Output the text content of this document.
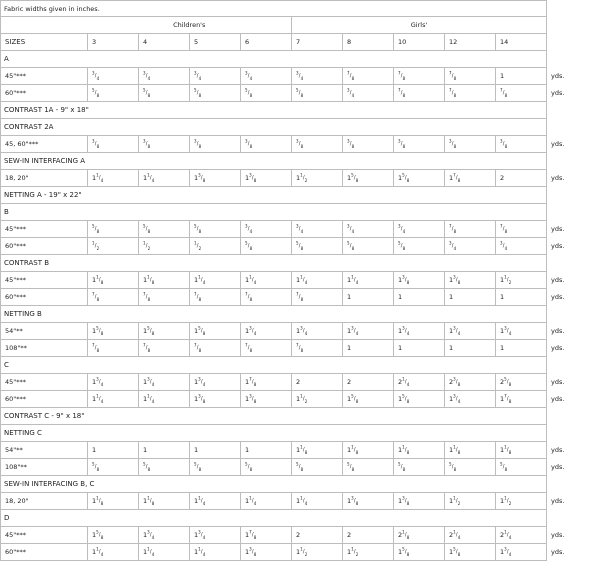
Fabric widths given in inches.										
	Children's				Girls'					
SIZES	3	4	5	6	7	8	10	12	14	
A										
45"***	$^3/_4$	$^3/_4$	$^3/_4$	$^3/_4$	$^3/_4$	$^7/_8$	$^7/_8$	$^7/_8$	1	yds.
60"***	$^5/_8$	$^5/_8$	$^5/_8$	$^5/_8$	$^5/_8$	$^3/_4$	$^7/_8$	$^7/_8$	$^7/_8$	yds.
CONTRAST 1A - 9" x 18"										
CONTRAST 2A										
45, 60"***	$^3/_8$	$^3/_8$	$^3/_8$	$^3/_8$	$^3/_8$	$^3/_8$	$^3/_8$	$^3/_8$	$^3/_8$	yds.
SEW-IN INTERFACING A										
18, 20"	$1^1/_4$	$1^1/_4$	$1^3/_8$	$1^3/_8$	$1^1/_2$	$1^5/_8$	$1^5/_8$	$1^7/_8$	2	yds.
NETTING A - 19" x 22"										
B										
45"***	$^5/_8$	$^5/_8$	$^5/_8$	$^3/_4$	$^3/_4$	$^3/_4$	$^3/_4$	$^7/_8$	$^7/_8$	yds.
60"***	$^1/_2$	$^1/_2$	$^1/_2$	$^5/_8$	$^5/_8$	$^5/_8$	$^5/_8$	$^3/_4$	$^3/_4$	yds.
CONTRAST B										
45"***	$1^1/_8$	$1^1/_8$	$1^1/_4$	$1^1/_4$	$1^1/_4$	$1^1/_4$	$1^3/_8$	$1^3/_8$	$1^1/_2$	yds.
60"***	$^7/_8$	$^7/_8$	$^7/_8$	$^7/_8$	$^7/_8$	1	1	1	1	yds.
NETTING B										
54"**	$1^5/_8$	$1^5/_8$	$1^5/_8$	$1^3/_4$	$1^3/_4$	$1^3/_4$	$1^3/_4$	$1^3/_4$	$1^3/_4$	yds.
108"**	$^7/_8$	$^7/_8$	$^7/_8$	$^7/_8$	$^7/_8$	1	1	1	1	yds.
C										
45"***	$1^3/_4$	$1^3/_4$	$1^3/_4$	$1^7/_8$	2	2	$2^1/_4$	$2^3/_8$	$2^5/_8$	yds.
60"***	$1^1/_4$	$1^1/_4$	$1^3/_8$	$1^3/_8$	$1^1/_2$	$1^5/_8$	$1^5/_8$	$1^3/_4$	$1^7/_8$	yds.
CONTRAST C - 9" x 18"										
NETTING C										
54"**	1	1	1	1	$1^1/_8$	$1^1/_8$	$1^1/_8$	$1^1/_8$	$1^1/_8$	yds.
108"**	$^5/_8$	$^5/_8$	$^5/_8$	$^5/_8$	$^5/_8$	$^5/_8$	$^5/_8$	$^5/_8$	$^5/_8$	yds.
SEW-IN INTERFACING B, C										
18, 20"	$1^1/_8$	$1^1/_8$	$1^1/_4$	$1^1/_4$	$1^1/_4$	$1^3/_8$	$1^3/_8$	$1^1/_2$	$1^1/_2$	yds.
D										
45"***	$1^5/_8$	$1^3/_4$	$1^3/_4$	$1^7/_8$	2	2	$2^1/_8$	$2^1/_4$	$2^1/_4$	yds.
60"***	$1^1/_4$	$1^1/_4$	$1^1/_4$	$1^3/_8$	$1^1/_2$	$1^1/_2$	$1^5/_8$	$1^5/_8$	$1^3/_4$	yds.
